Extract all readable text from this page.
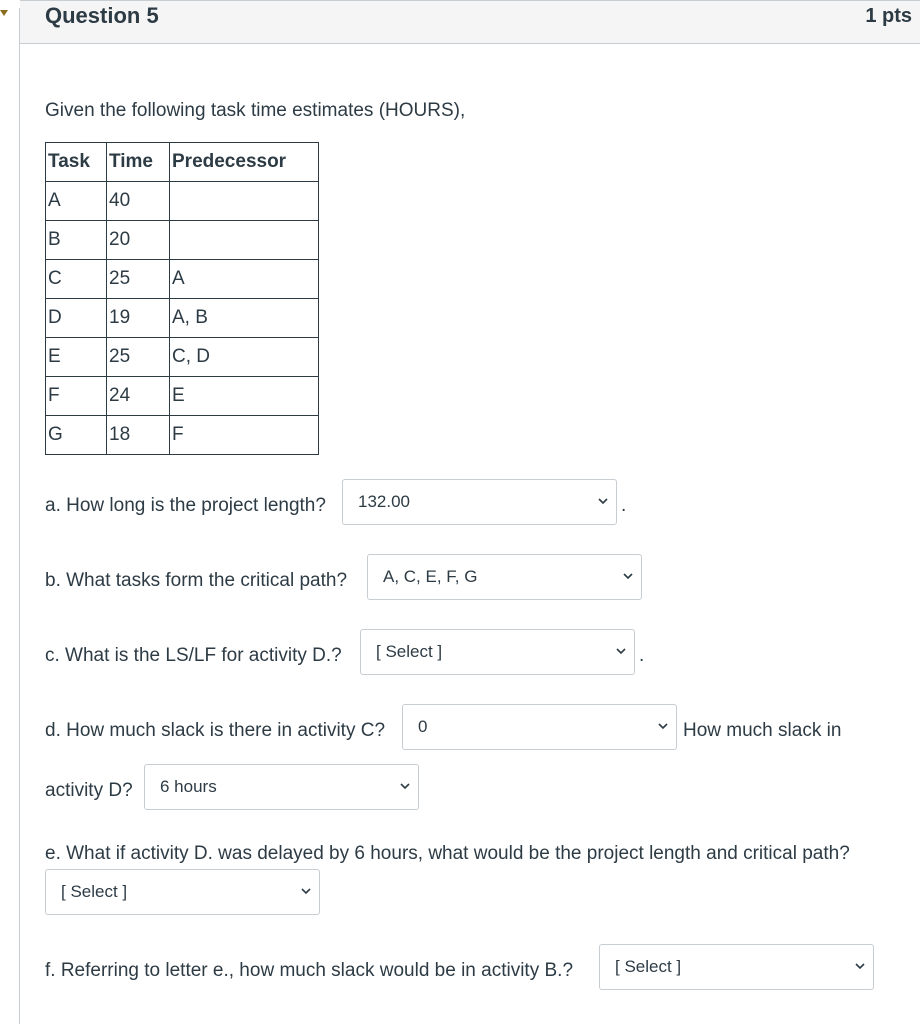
Question 5	1 pts
Given the following task time estimates (HOURS),
Task	Time	Predecessor
A	40	
B	20	
C	25	A
D	19	A, B
E	25	C, D
F	24	E
G	18	F
a. How long is the project length? 132.00	.
b. What tasks form the critical path? A, C, E, F, G
c. What is the LS/LF for activity D.? [ Select ]	.
d. How much slack is there in activity C? 0	How much slack in
activity D? 6 hours
e. What if activity D. was delayed by 6 hours, what would be the project length and critical path?
[ Select ]
f. Referring to letter e., how much slack would be in activity B.? [ Select ]
